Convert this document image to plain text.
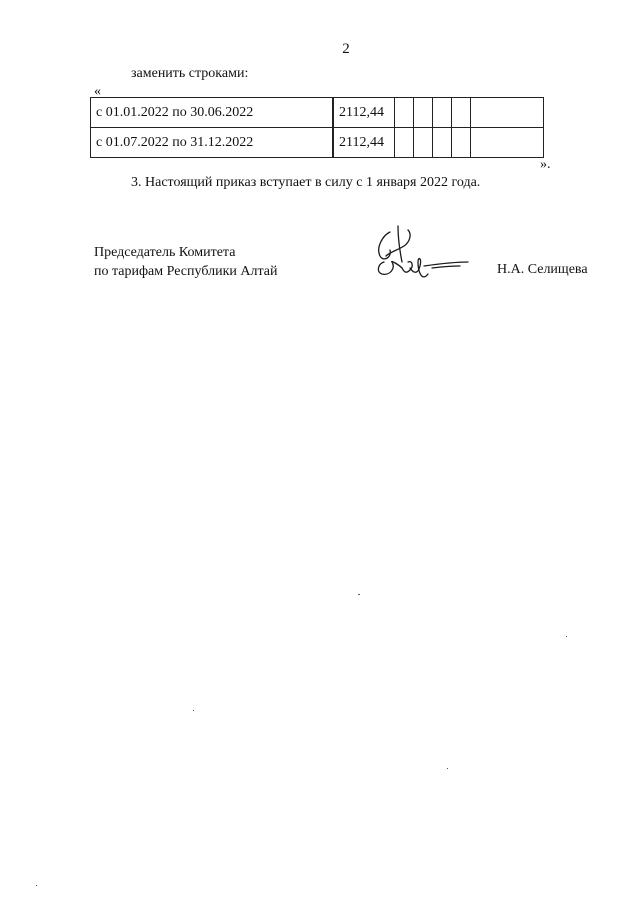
2
заменить строками:
«
с 01.01.2022 по 30.06.2022	2112,44					
с 01.07.2022 по 31.12.2022	2112,44					
».
3. Настоящий приказ вступает в силу с 1 января 2022 года.
Председатель Комитета
по тарифам Республики Алтай	Н.А. Селищева
